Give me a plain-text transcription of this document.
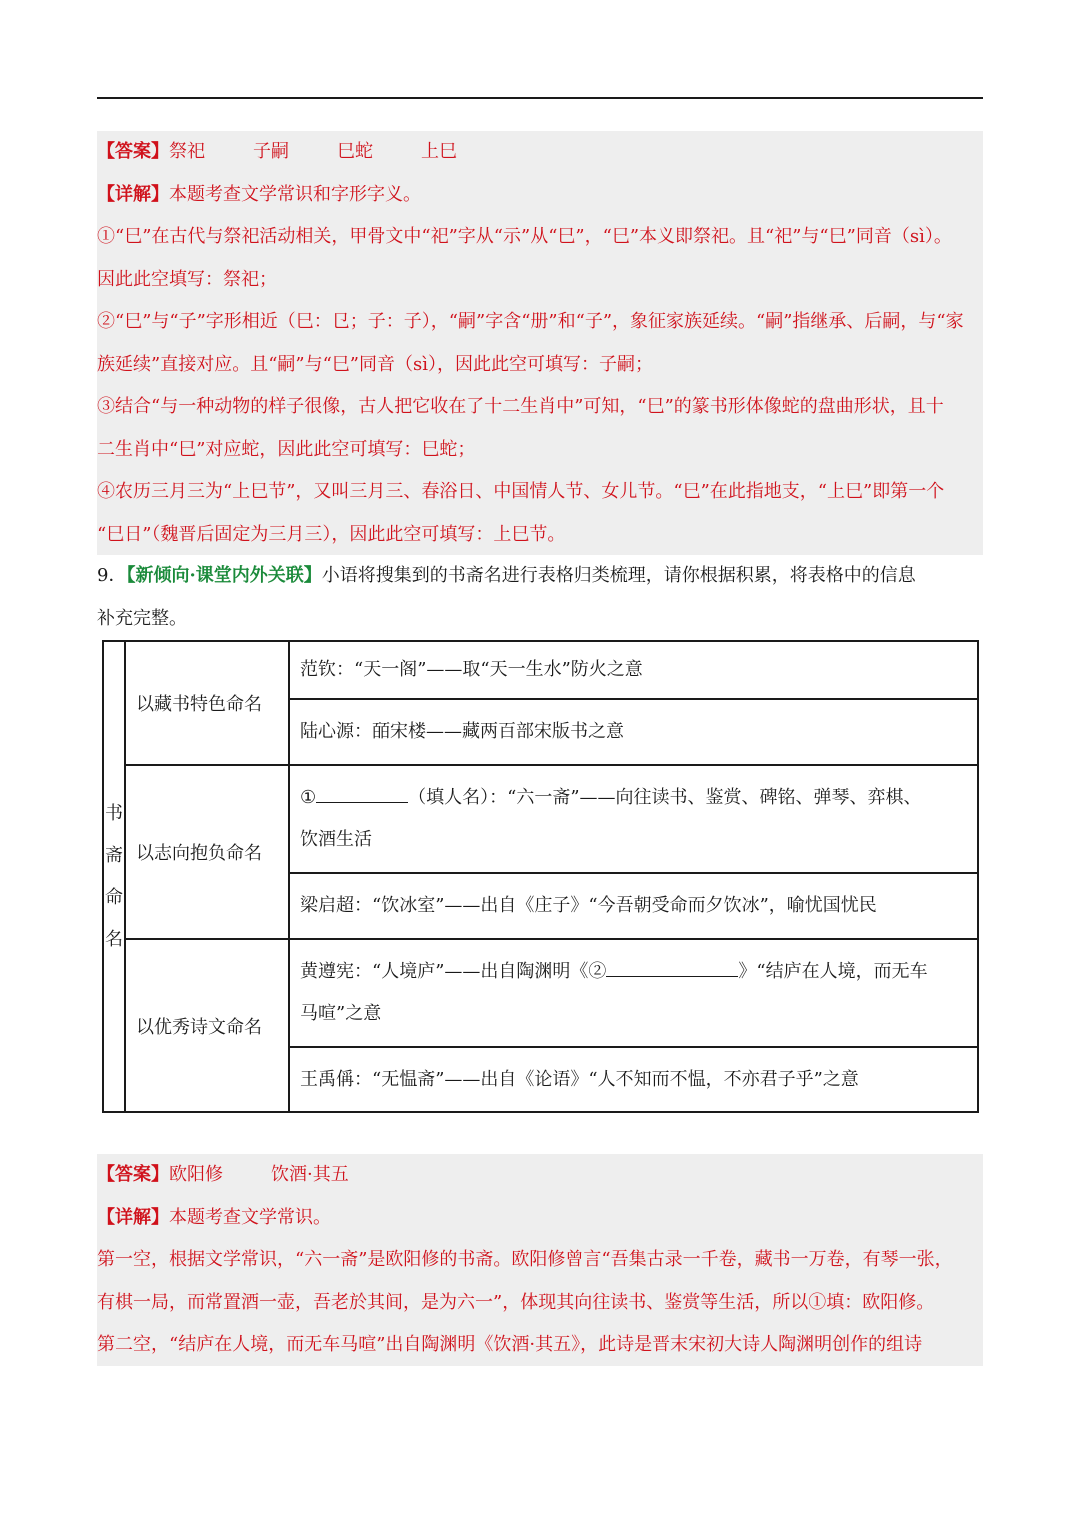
【答案】祭祀	子嗣	巳蛇	上巳

【详解】本题考查文学常识和字形字义。

①“巳”在古代与祭祀活动相关，甲骨文中“祀”字从“示”从“巳”，“巳”本义即祭祀。且“祀”与“巳”同音（sì）。

因此此空填写：祭祀；

②“巳”与“子”字形相近（巳：㔾；子：子），“嗣”字含“册”和“子”，象征家族延续。“嗣”指继承、后嗣，与“家

族延续”直接对应。且“嗣”与“巳”同音（sì），因此此空可填写：子嗣；

③结合“与一种动物的样子很像，古人把它收在了十二生肖中”可知，“巳”的篆书形体像蛇的盘曲形状，且十

二生肖中“巳”对应蛇，因此此空可填写：巳蛇；

④农历三月三为“上巳节”，又叫三月三、春浴日、中国情人节、女儿节。“巳”在此指地支，“上巳”即第一个

“巳日”（魏晋后固定为三月三），因此此空可填写：上巳节。

9．【新倾向·课堂内外关联】小语将搜集到的书斋名进行表格归类梳理，请你根据积累，将表格中的信息

补充完整。

书
斋
命
名	以藏书特色命名	范钦：“天一阁”——取“天一生水”防火之意
		陆心源：皕宋楼——藏两百部宋版书之意
	以志向抱负命名	① （填人名）：“六一斋”——向往读书、鉴赏、碑铭、弹琴、弈棋、
饮酒生活

		梁启超：“饮冰室”——出自《庄子》“今吾朝受命而夕饮冰”，喻忧国忧民
	以优秀诗文命名	黄遵宪：“人境庐”——出自陶渊明《② 》“结庐在人境，而无车
马喧”之意

		王禹偁：“无愠斋”——出自《论语》“人不知而不愠，不亦君子乎”之意

【答案】欧阳修	饮酒·其五

【详解】本题考查文学常识。

第一空，根据文学常识，“六一斋”是欧阳修的书斋。欧阳修曾言“吾集古录一千卷，藏书一万卷，有琴一张，

有棋一局，而常置酒一壶，吾老於其间，是为六一”，体现其向往读书、鉴赏等生活，所以①填：欧阳修。

第二空，“结庐在人境，而无车马喧”出自陶渊明《饮酒·其五》，此诗是晋末宋初大诗人陶渊明创作的组诗
